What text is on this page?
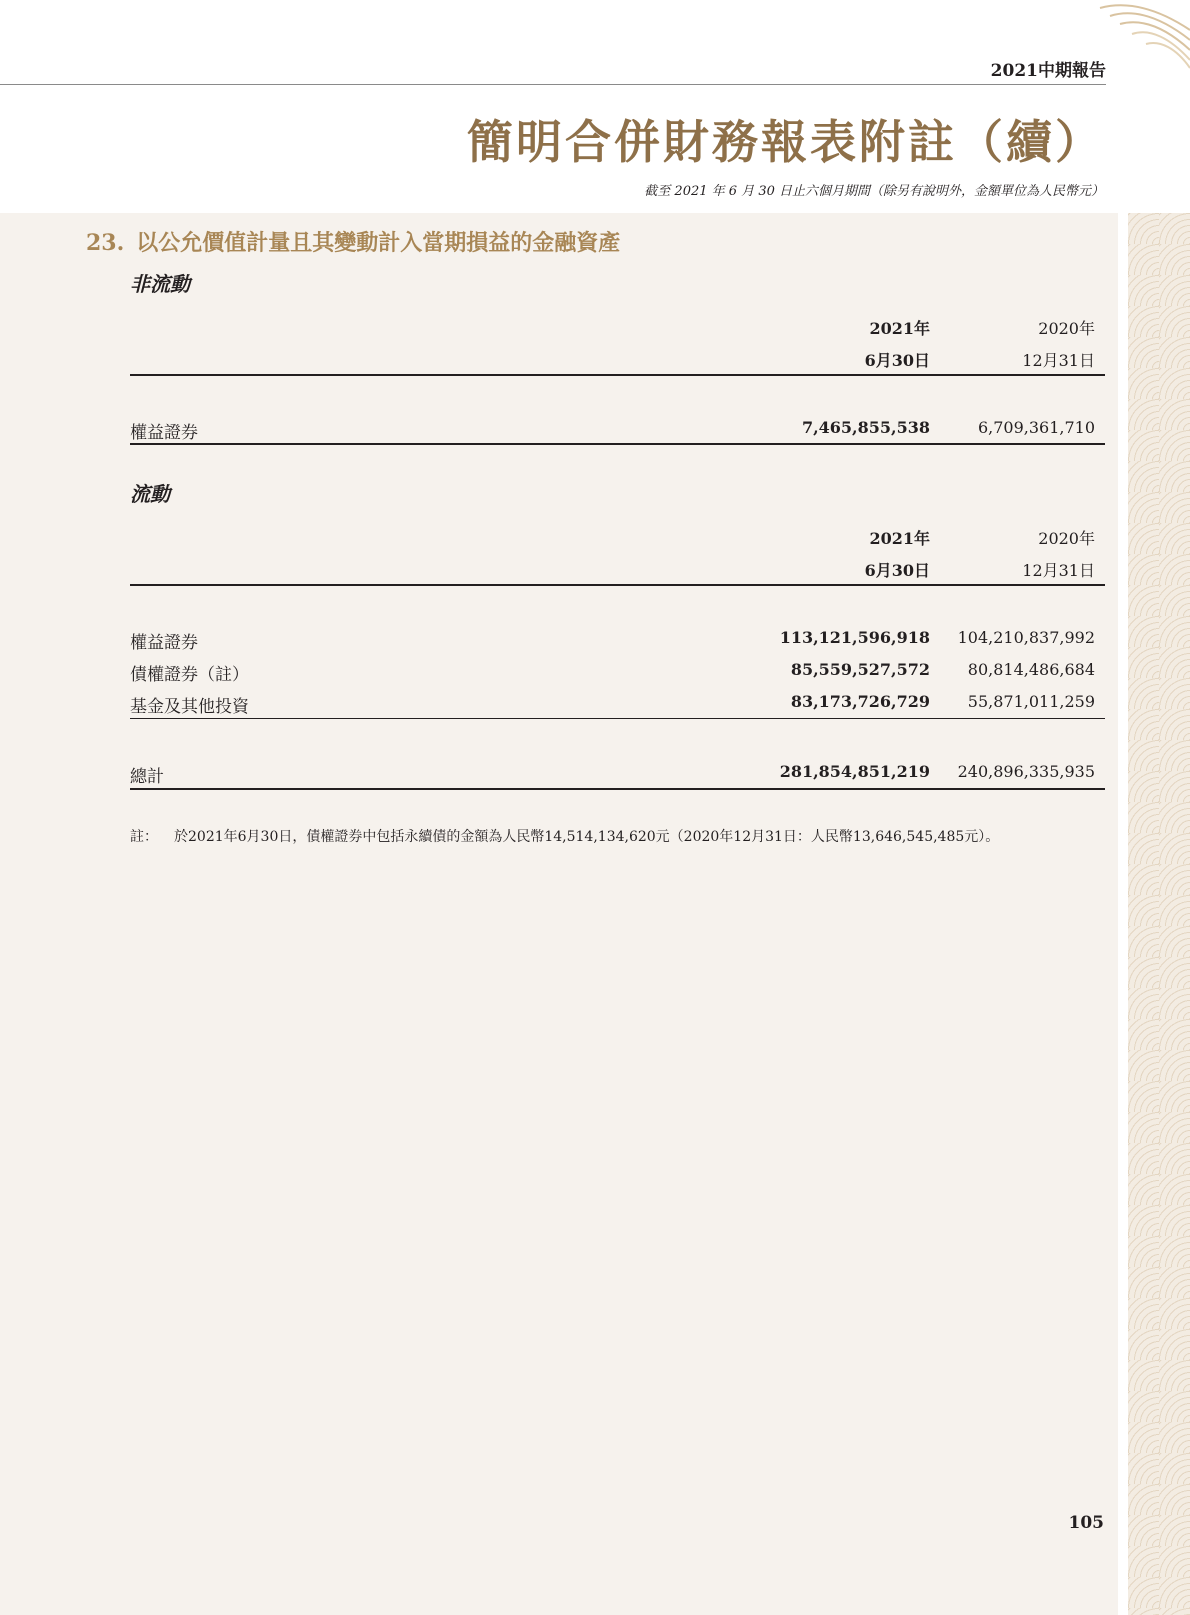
2021中期報告
簡明合併財務報表附註（續）
截至 2021 年 6 月 30 日止六個月期間（除另有說明外，金額單位為人民幣元）
23. 以公允價值計量且其變動計入當期損益的金融資產
非流動
2021年	2020年
6月30日	12月31日
權益證券	7,465,855,538	6,709,361,710
流動
2021年	2020年
6月30日	12月31日
權益證券	113,121,596,918 104,210,837,992
債權證券（註）	85,559,527,572 80,814,486,684
基金及其他投資	83,173,726,729 55,871,011,259
總計	281,854,851,219 240,896,335,935
註： 於2021年6月30日，債權證券中包括永續債的金額為人民幣14,514,134,620元（2020年12月31日：人民幣13,646,545,485元）。
105
